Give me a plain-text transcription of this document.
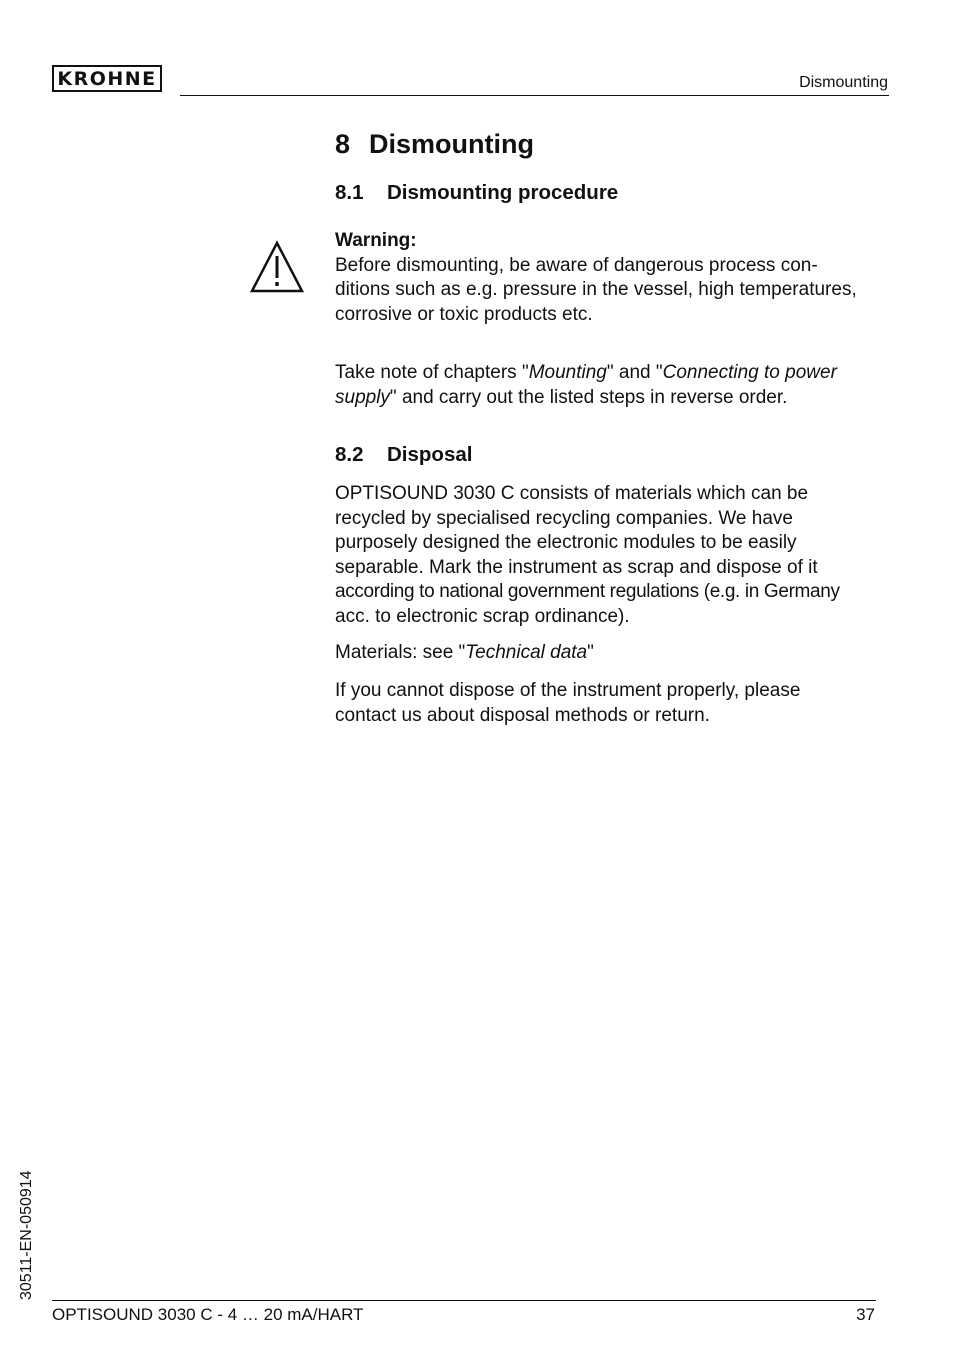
KROHNE	Dismounting
8 Dismounting
8.1 Dismounting procedure

Warning:
Before dismounting, be aware of dangerous process con-
ditions such as e.g. pressure in the vessel, high temperatures,
corrosive or toxic products etc.

Take note of chapters "Mounting" and "Connecting to power supply" and carry out the listed steps in reverse order.

8.2 Disposal

OPTISOUND 3030 C consists of materials which can be
recycled by specialised recycling companies. We have
purposely designed the electronic modules to be easily
separable. Mark the instrument as scrap and dispose of it
according to national government regulations (e.g. in Germany
acc. to electronic scrap ordinance).

Materials: see "Technical data"

If you cannot dispose of the instrument properly, please
contact us about disposal methods or return.

30511-EN-050914
OPTISOUND 3030 C - 4 … 20 mA/HART	37
